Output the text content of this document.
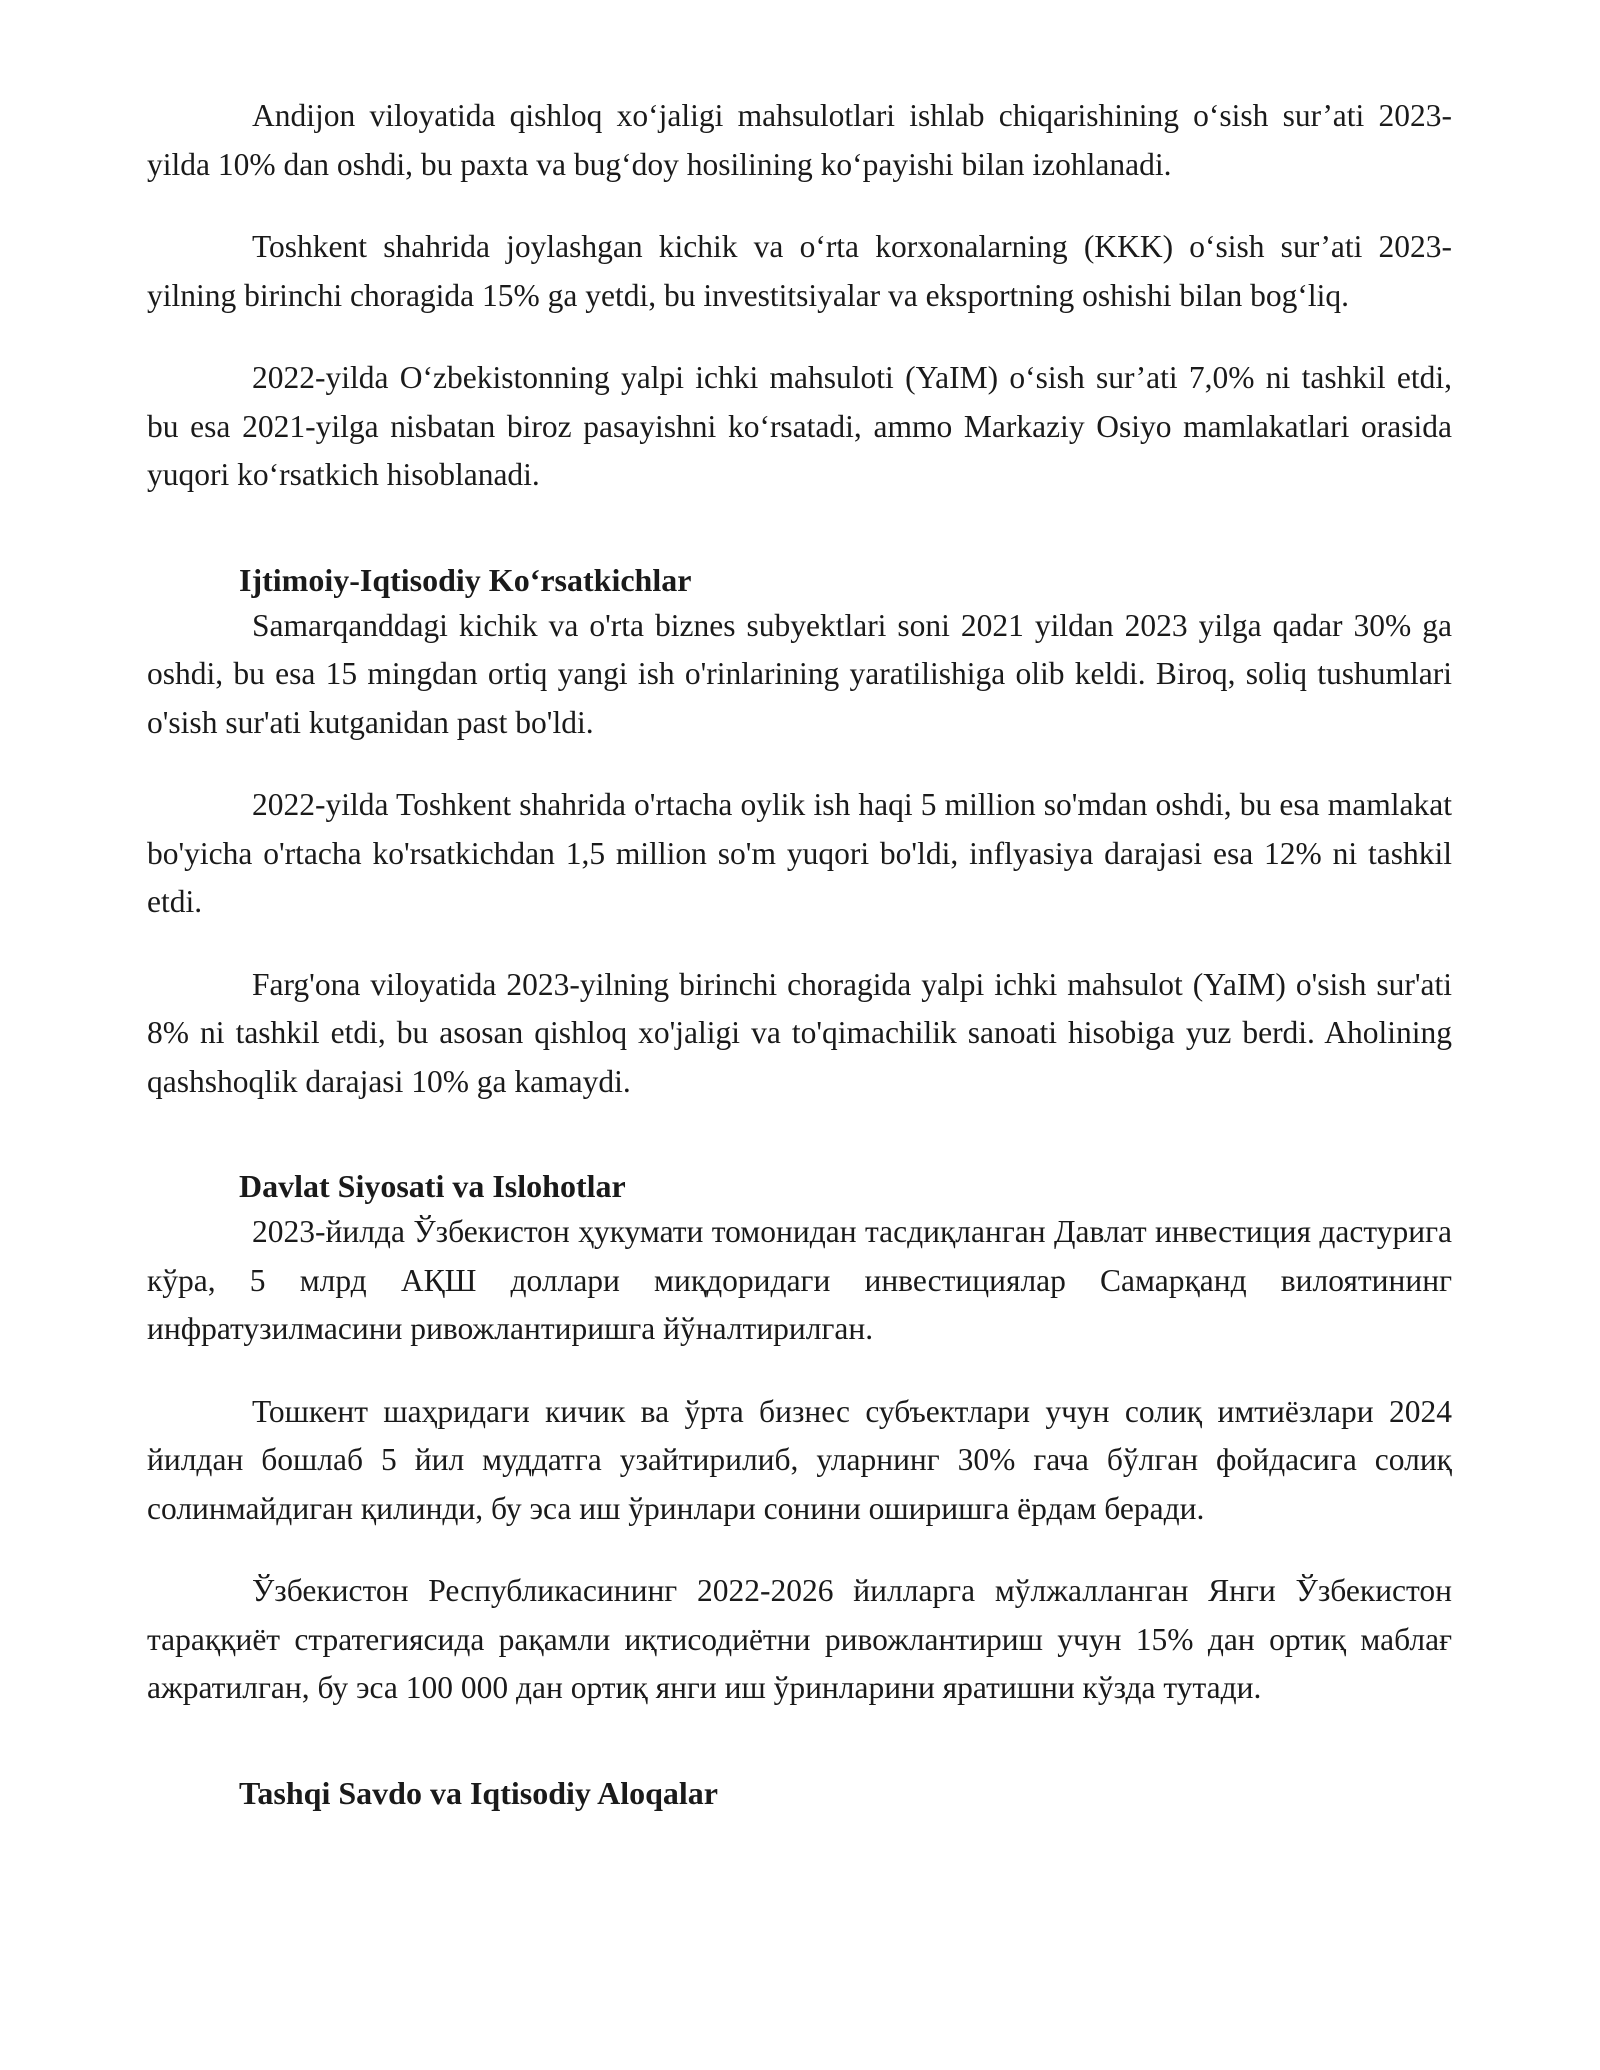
Andijon viloyatida qishloq xo‘jaligi mahsulotlari ishlab chiqarishining o‘sish sur’ati 2023-yilda 10% dan oshdi, bu paxta va bug‘doy hosilining ko‘payishi bilan izohlanadi.

Toshkent shahrida joylashgan kichik va o‘rta korxonalarning (KKK) o‘sish sur’ati 2023-yilning birinchi choragida 15% ga yetdi, bu investitsiyalar va eksportning oshishi bilan bog‘liq.

2022-yilda O‘zbekistonning yalpi ichki mahsuloti (YaIM) o‘sish sur’ati 7,0% ni tashkil etdi, bu esa 2021-yilga nisbatan biroz pasayishni ko‘rsatadi, ammo Markaziy Osiyo mamlakatlari orasida yuqori ko‘rsatkich hisoblanadi.

Ijtimoiy-Iqtisodiy Ko‘rsatkichlar

Samarqanddagi kichik va o'rta biznes subyektlari soni 2021 yildan 2023 yilga qadar 30% ga oshdi, bu esa 15 mingdan ortiq yangi ish o'rinlarining yaratilishiga olib keldi. Biroq, soliq tushumlari o'sish sur'ati kutganidan past bo'ldi.

2022-yilda Toshkent shahrida o'rtacha oylik ish haqi 5 million so'mdan oshdi, bu esa mamlakat bo'yicha o'rtacha ko'rsatkichdan 1,5 million so'm yuqori bo'ldi, inflyasiya darajasi esa 12% ni tashkil etdi.

Farg'ona viloyatida 2023-yilning birinchi choragida yalpi ichki mahsulot (YaIM) o'sish sur'ati 8% ni tashkil etdi, bu asosan qishloq xo'jaligi va to'qimachilik sanoati hisobiga yuz berdi. Aholining qashshoqlik darajasi 10% ga kamaydi.

Davlat Siyosati va Islohotlar

2023-йилда Ўзбекистон ҳукумати томонидан тасдиқланган Давлат инвестиция дастурига кўра, 5 млрд АҚШ доллари миқдоридаги инвестициялар Самарқанд вилоятининг инфратузилмасини ривожлантиришга йўналтирилган.

Тошкент шаҳридаги кичик ва ўрта бизнес субъектлари учун солиқ имтиёзлари 2024 йилдан бошлаб 5 йил муддатга узайтирилиб, уларнинг 30% гача бўлган фойдасига солиқ солинмайдиган қилинди, бу эса иш ўринлари сонини оширишга ёрдам беради.

Ўзбекистон Республикасининг 2022-2026 йилларга мўлжалланган Янги Ўзбекистон тараққиёт стратегиясида рақамли иқтисодиётни ривожлантириш учун 15% дан ортиқ маблағ ажратилган, бу эса 100 000 дан ортиқ янги иш ўринларини яратишни кўзда тутади.

Tashqi Savdo va Iqtisodiy Aloqalar
